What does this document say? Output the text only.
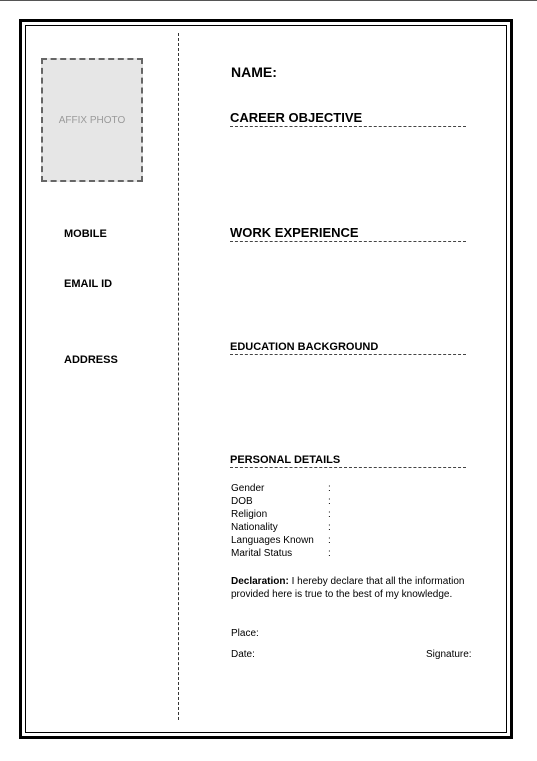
AFFIX PHOTO
MOBILE
EMAIL ID
ADDRESS
NAME:
CAREER OBJECTIVE
WORK EXPERIENCE
EDUCATION BACKGROUND
PERSONAL DETAILS
Gender	:
DOB	:
Religion	:
Nationality	:
Languages Known	:
Marital Status	:
Declaration: I hereby declare that all the information provided here is true to the best of my knowledge.
Place:
Date:	Signature:
